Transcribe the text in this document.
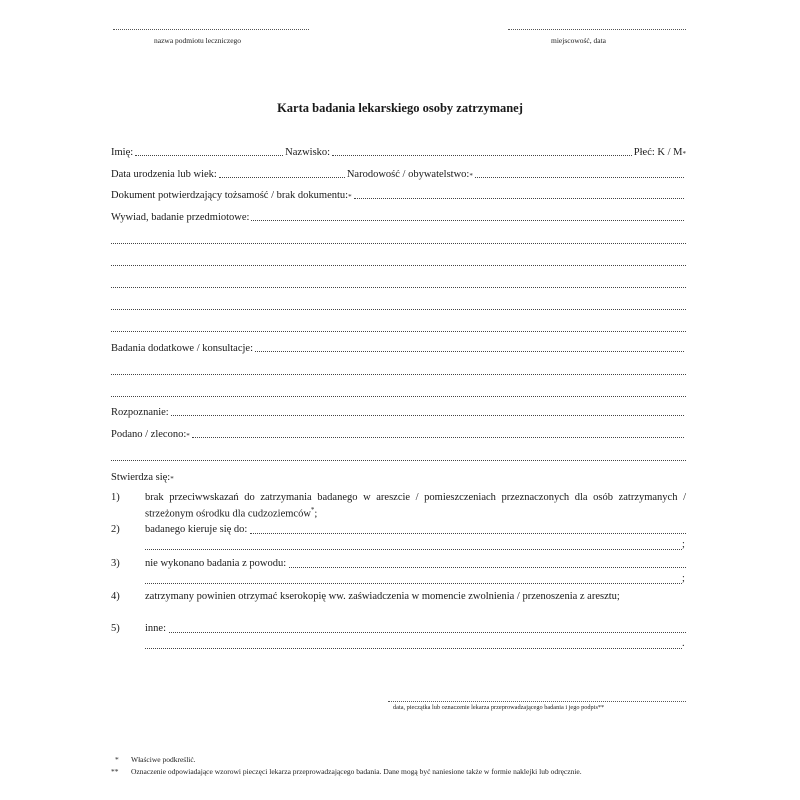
nazwa podmiotu leczniczego	miejscowość, data
Karta badania lekarskiego osoby zatrzymanej
Imię:	Nazwisko:	Płeć: K / M *
Data urodzenia lub wiek:	Narodowość / obywatelstwo: *
Dokument potwierdzający tożsamość / brak dokumentu: *
Wywiad, badanie przedmiotowe:
Badania dodatkowe / konsultacje:
Rozpoznanie:
Podano / zlecono: *
Stwierdza się: *
1) brak przeciwwskazań do zatrzymania badanego w areszcie / pomieszczeniach przeznaczonych dla osób zatrzymanych / strzeżonym ośrodku dla cudzoziemców*;
2) badanego kieruje się do:
;
3) nie wykonano badania z powodu:
;
4) zatrzymany powinien otrzymać kserokopię ww. zaświadczenia w momencie zwolnienia / przenoszenia z aresztu;
5) inne:
.
data, pieczątka lub oznaczenie lekarza przeprowadzającego badania i jego podpis**
* Właściwe podkreślić.
** Oznaczenie odpowiadające wzorowi pieczęci lekarza przeprowadzającego badania. Dane mogą być naniesione także w formie naklejki lub odręcznie.
